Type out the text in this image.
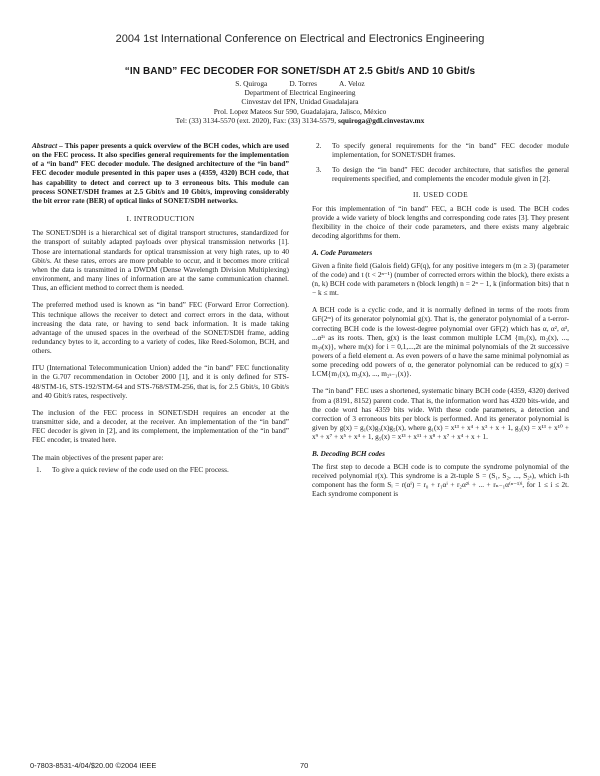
2004 1st International Conference on Electrical and Electronics Engineering
“IN BAND” FEC DECODER FOR SONET/SDH AT 2.5 Gbit/s AND 10 Gbit/s
S. Quiroga	D. Torres	A. Veloz
Department of Electrical Engineering
Cinvestav del IPN, Unidad Guadalajara
Prol. Lopez Mateos Sur 590, Guadalajara, Jalisco, México
Tel: (33) 3134-5570 (ext. 2020), Fax: (33) 3134-5579, squiroga@gdl.cinvestav.mx

Abstract – This paper presents a quick overview of the BCH codes, which are used on the FEC process. It also specifies general requirements for the implementation of a “in band” FEC decoder module. The designed architecture of the “in band” FEC decoder module presented in this paper uses a (4359, 4320) BCH code, that has capability to detect and correct up to 3 erroneous bits. This module can process SONET/SDH frames at 2.5 Gbit/s and 10 Gbit/s, improving considerably the bit error rate (BER) of optical links of SONET/SDH networks.

I. INTRODUCTION

The SONET/SDH is a hierarchical set of digital transport structures, standardized for the transport of suitably adapted payloads over physical transmission networks [1]. Those are international standards for optical transmission at very high rates, up to 40 Gbit/s. At these rates, errors are more probable to occur, and it becomes more critical when the data is transmitted in a DWDM (Dense Wavelength Division Multiplexing) environment, and many lines of information are at the same communication channel. Thus, an efficient method to correct them is needed.

The preferred method used is known as “in band” FEC (Forward Error Correction). This technique allows the receiver to detect and correct errors in the data, without increasing the data rate, or having to send back information. It is made taking advantage of the unused spaces in the overhead of the SONET/SDH frame, adding redundancy bytes to it, according to a variety of codes, like Reed-Solomon, BCH, and others.

ITU (International Telecommunication Union) added the “in band” FEC functionality in the G.707 recommendation in October 2000 [1], and it is only defined for STS-48/STM-16, STS-192/STM-64 and STS-768/STM-256, that is, for 2.5 Gbit/s, 10 Gbit/s and 40 Gbit/s rates, respectively.

The inclusion of the FEC process in SONET/SDH requires an encoder at the transmitter side, and a decoder, at the receiver. An implementation of the “in band” FEC decoder is given in [2], and its complement, the implementation of the “in band” FEC encoder, is treated here.

The main objectives of the present paper are:

1.	To give a quick review of the code used on the FEC process.
2.	To specify general requirements for the “in band” FEC decoder module implementation, for SONET/SDH frames.
3.	To design the “in band” FEC decoder architecture, that satisfies the general requirements specified, and complements the encoder module given in [2].
II. USED CODE

For this implementation of “in band” FEC, a BCH code is used. The BCH codes provide a wide variety of block lengths and corresponding code rates [3]. They present flexibility in the choice of their code parameters, and there exists many algebraic decoding algorithms for them.

A. Code Parameters

Given a finite field (Galois field) GF(q), for any positive integers m (m ≥ 3) (parameter of the code) and t (t < 2ⁿ⁻¹) (number of corrected errors within the block), there exists a (n, k) BCH code with parameters n (block length) n = 2ⁿ − 1, k (information bits) that n − k ≤ mt.

A BCH code is a cyclic code, and it is normally defined in terms of the roots from GF(2ᵐ) of its generator polynomial g(x). That is, the generator polynomial of a t-error-correcting BCH code is the lowest-degree polynomial over GF(2) which has α, α², α³, ...α²ᵗ as its roots. Then, g(x) is the least common multiple LCM {m₁(x), m₂(x), ..., m₂ₜ(x)}, where mᵢ(x) for i = 0,1,...,2t are the minimal polynomials of the 2t successive powers of a field element α. As even powers of α have the same minimal polynomial as some preceding odd powers of α, the generator polynomial can be reduced to g(x) = LCM{m₁(x), m₃(x), ..., m₂ₜ₋₁(x)}.

The “in band” FEC uses a shortened, systematic binary BCH code (4359, 4320) derived from a (8191, 8152) parent code. That is, the information word has 4320 bits-wide, and the code word has 4359 bits wide. With these code parameters, a detection and correction of 3 erroneous bits per block is performed. And its generator polynomial is given by g(x) = g₁(x)g₃(x)g₅(x), where g₁(x) = x¹³ + x⁴ + x³ + x + 1, g₃(x) = x¹³ + x¹⁰ + x⁹ + x⁷ + x⁵ + x⁴ + 1, g₅(x) = x¹³ + x¹¹ + x⁸ + x⁷ + x⁴ + x + 1.

B. Decoding BCH codes

The first step to decode a BCH code is to compute the syndrome polynomial of the received polynomial r(x). This syndrome is a 2t-tuple S = (S₁, S₂, ..., S₂ₜ), which i-th component has the form Sᵢ = r(αⁱ) = r₀ + r₁αⁱ + r₂α²ⁱ + ... + rₙ₋₁α⁽ⁿ⁻¹⁾ⁱ, for 1 ≤ i ≤ 2t. Each syndrome component is

0-7803-8531-4/04/$20.00 ©2004 IEEE	70
